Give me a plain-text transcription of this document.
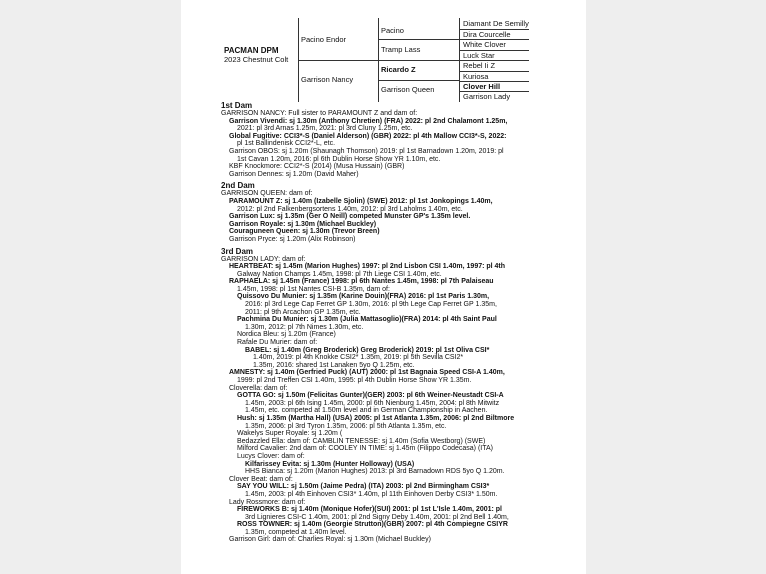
PACMAN DPM
2023 Chestnut Colt
Pacino Endor
Garrison Nancy
Pacino
Tramp Lass
Ricardo Z
Garrison Queen
Diamant De Semilly
Dira Courcelle
White Clover
Luck Star
Rebel Ii Z
Kuriosa
Clover Hill
Garrison Lady
1st Dam
GARRISON NANCY: Full sister to PARAMOUNT Z and dam of:
Garrison Vivendi: sj 1.30m (Anthony Chretien) (FRA) 2022: pl 2nd Chalamont 1.25m,
2021: pl 3rd Arnas 1.25m, 2021: pl 3rd Cluny 1.25m, etc.
Global Fugitive: CCI3*-S (Daniel Alderson) (GBR) 2022: pl 4th Mallow CCI3*-S, 2022:
pl 1st Ballindenisk CCI2*-L, etc.
Garrison OBOS: sj 1.20m (Shaunagh Thomson) 2019: pl 1st Barnadown 1.20m, 2019: pl
1st Cavan 1.20m, 2016: pl 6th Dublin Horse Show YR 1.10m, etc.
KBF Knockmore: CCI2*-S (2014) (Musa Hussain) (GBR)
Garrison Dennes: sj 1.20m (David Maher)
2nd Dam
GARRISON QUEEN: dam of:
PARAMOUNT Z: sj 1.40m (Izabelle Sjolin) (SWE) 2012: pl 1st Jonkopings 1.40m,
2012: pl 2nd Falkenbergsortens 1.40m, 2012: pl 3rd Laholms 1.40m, etc.
Garrison Lux: sj 1.35m (Ger O Neill) competed Munster GP's 1.35m level.
Garrison Royale: sj 1.30m (Michael Buckley)
Couraguneen Queen: sj 1.30m (Trevor Breen)
Garrison Pryce: sj 1.20m (Alix Robinson)
3rd Dam
GARRISON LADY: dam of:
HEARTBEAT: sj 1.45m (Marion Hughes) 1997: pl 2nd Lisbon CSI 1.40m, 1997: pl 4th
Galway Nation Champs 1.45m, 1998: pl 7th Liege CSI 1.40m, etc.
RAPHAELA: sj 1.45m (France) 1998: pl 6th Nantes 1.45m, 1998: pl 7th Palaiseau
1.45m, 1998: pl 1st Nantes CSI-B 1.35m, dam of:
Quissovo Du Munier: sj 1.35m (Karine Douin)(FRA) 2016: pl 1st Paris 1.30m,
2016: pl 3rd Lege Cap Ferret GP 1.30m, 2016: pl 9th Lege Cap Ferret GP 1.35m,
2011: pl 9th Arcachon GP 1.35m, etc.
Pachmina Du Munier: sj 1.30m (Julia Mattasoglio)(FRA) 2014: pl 4th Saint Paul
1.30m, 2012: pl 7th Nimes 1.30m, etc.
Nordica Bleu: sj 1.20m (France)
Rafale Du Murier: dam of:
BABEL: sj 1.40m (Greg Broderick) Greg Broderick) 2019: pl 1st Oliva CSI*
1.40m, 2019: pl 4th Knokke CSI2* 1.35m, 2019: pl 5th Sevilla CSI2*
1.35m, 2016: shared 1st Lanaken 5yo Q 1.25m, etc.
AMNESTY: sj 1.40m (Gerfried Puck) (AUT) 2000: pl 1st Bagnaia Speed CSI-A 1.40m,
1999: pl 2nd Treffen CSI 1.40m, 1995: pl 4th Dublin Horse Show YR 1.35m.
Cloverella: dam of:
GOTTA GO: sj 1.50m (Felicitas Gunter)(GER) 2003: pl 6th Weiner-Neustadt CSI-A
1.45m, 2003: pl 6th Ising 1.45m, 2000: pl 6th Nienburg 1.45m, 2004: pl 8th Mitwitz
1.45m, etc. competed at 1.50m level and in German Championship in Aachen.
Hush: sj 1.35m (Martha Hall) (USA) 2005: pl 1st Atlanta 1.35m, 2006: pl 2nd Biltmore
1.35m, 2006: pl 3rd Tyron 1.35m, 2006: pl 5th Atlanta 1.35m, etc.
Wakelys Super Royale: sj 1.20m (
Bedazzled Ella: dam of: CAMBLIN TENESSE: sj 1.40m (Sofia Westborg) (SWE)
Milford Cavalier: 2nd dam of: COOLEY IN TIME: sj 1.45m (Filippo Codecasa) (ITA)
Lucys Clover: dam of:
Kilfarissey Evita: sj 1.30m (Hunter Holloway) (USA)
HHS Bianca: sj 1.20m (Marion Hughes) 2013: pl 3rd Barnadown RDS 5yo Q 1.20m.
Clover Beat: dam of:
SAY YOU WILL: sj 1.50m (Jaime Pedra) (ITA) 2003: pl 2nd Birmingham CSI3*
1.45m, 2003: pl 4th Einhoven CSI3* 1.40m, pl 11th Einhoven Derby CSI3* 1.50m.
Lady Rossmore: dam of:
FIREWORKS B: sj 1.40m (Monique Hofer)(SUI) 2001: pl 1st L'Isle 1.40m, 2001: pl
3rd Lignieres CSI-C 1.40m, 2001: pl 2nd Signy Deby 1.40m, 2001: pl 2nd Bell 1.40m,
ROSS TOWNER: sj 1.40m (Georgie Strutton)(GBR) 2007: pl 4th Compiegne CSIYR
1.35m, competed at 1.40m level.
Garrison Girl: dam of: Charlies Royal: sj 1.30m (Michael Buckley)
